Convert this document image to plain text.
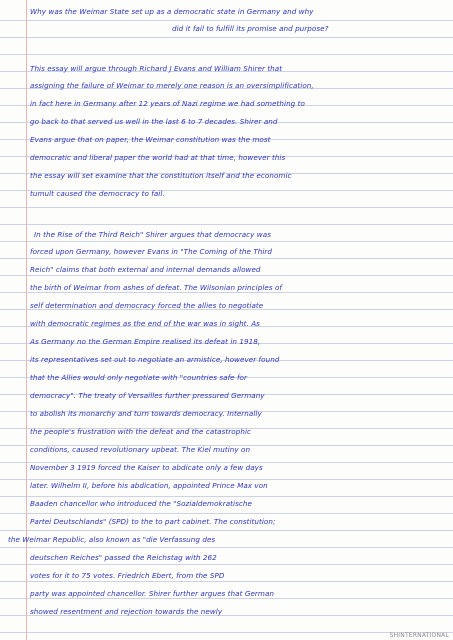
Why was the Weimar State set up as a democratic state in Germany and why
did it fail to fulfill its promise and purpose?
This essay will argue through Richard J Evans and William Shirer that
assigning the failure of Weimar to merely one reason is an oversimplification,
in fact here in Germany after 12 years of Nazi regime we had something to
go back to that served us well in the last 6 to 7 decades. Shirer and
Evans argue that on paper, the Weimar constitution was the most
democratic and liberal paper the world had at that time, however this
the essay will set examine that the constitution itself and the economic
tumult caused the democracy to fail.
In the Rise of the Third Reich" Shirer argues that democracy was
forced upon Germany, however Evans in "The Coming of the Third
Reich" claims that both external and internal demands allowed
the birth of Weimar from ashes of defeat. The Wilsonian principles of
self determination and democracy forced the allies to negotiate
with democratic regimes as the end of the war was in sight. As
As Germany no the German Empire realised its defeat in 1918,
its representatives set out to negotiate an armistice, however found
that the Allies would only negotiate with "countries safe for
democracy". The treaty of Versailles further pressured Germany
to abolish its monarchy and turn towards democracy. Internally
the people's frustration with the defeat and the catastrophic
conditions, caused revolutionary upbeat. The Kiel mutiny on
November 3 1919 forced the Kaiser to abdicate only a few days
later. Wilhelm II, before his abdication, appointed Prince Max von
Baaden chancellor who introduced the "Sozialdemokratische
Partei Deutschlands" (SPD) to the to part cabinet. The constitution;
the Weimar Republic, also known as "die Verfassung des
deutschen Reiches" passed the Reichstag with 262
votes for it to 75 votes. Friedrich Ebert, from the SPD
party was appointed chancellor. Shirer further argues that German
showed resentment and rejection towards the newly
SHINTERNATIONAL
